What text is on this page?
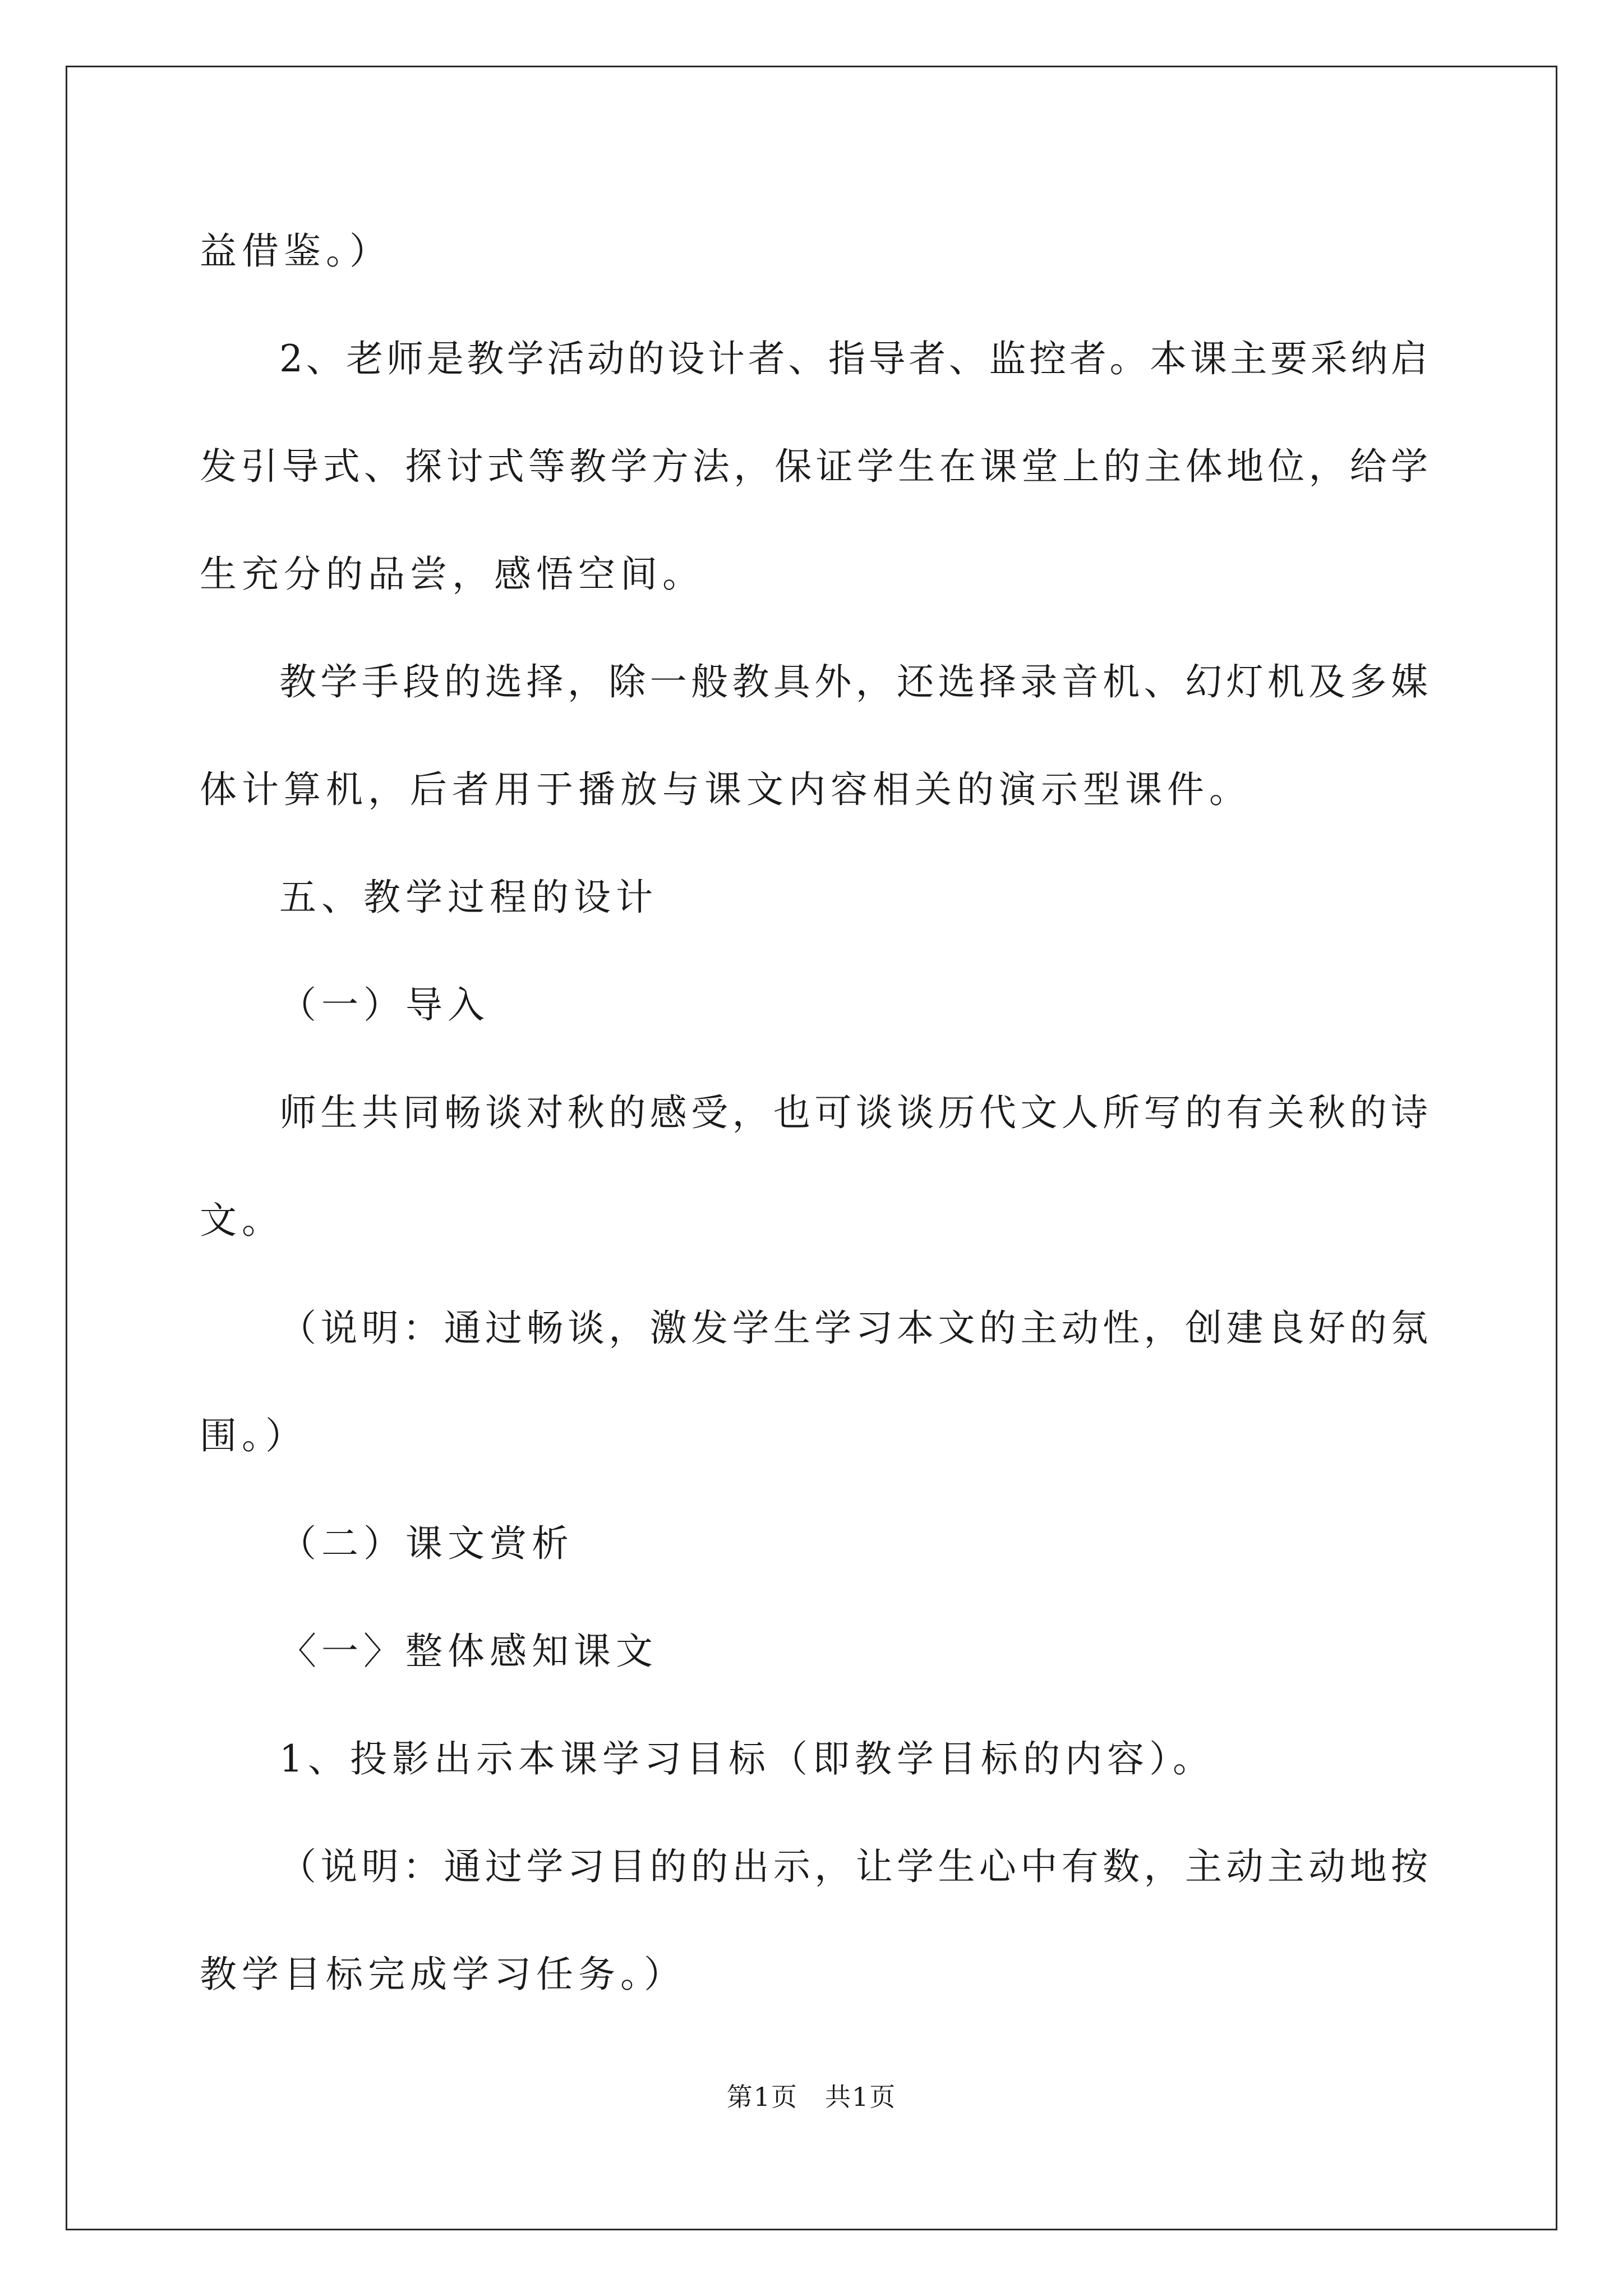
益借鉴。）
2、老师是教学活动的设计者、指导者、监控者。本课主要采纳启
发引导式、探讨式等教学方法，保证学生在课堂上的主体地位，给学
生充分的品尝，感悟空间。
教学手段的选择，除一般教具外，还选择录音机、幻灯机及多媒
体计算机，后者用于播放与课文内容相关的演示型课件。
五、教学过程的设计
（一）导入
师生共同畅谈对秋的感受，也可谈谈历代文人所写的有关秋的诗
文。
（说明：通过畅谈，激发学生学习本文的主动性，创建良好的氛
围。）
（二）课文赏析
〈一〉整体感知课文
1、投影出示本课学习目标（即教学目标的内容）。
（说明：通过学习目的的出示，让学生心中有数，主动主动地按
教学目标完成学习任务。）
第1页　共1页
